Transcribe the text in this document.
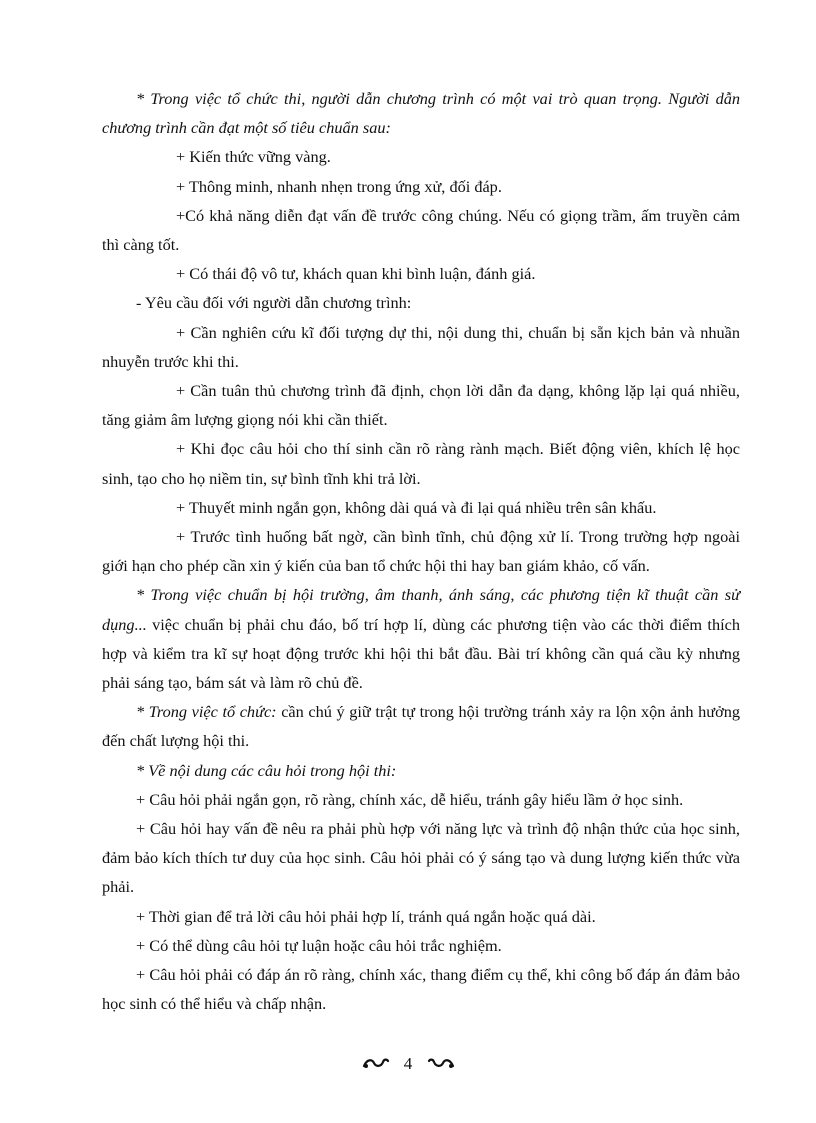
* Trong việc tổ chức thi, người dẫn chương trình có một vai trò quan trọng. Người dẫn chương trình cần đạt một số tiêu chuẩn sau:

+ Kiến thức vững vàng.

+ Thông minh, nhanh nhẹn trong ứng xử, đối đáp.

+Có khả năng diễn đạt vấn đề trước công chúng. Nếu có giọng trầm, ấm truyền cảm thì càng tốt.

+ Có thái độ vô tư, khách quan khi bình luận, đánh giá.

- Yêu cầu đối với người dẫn chương trình:

+ Cần nghiên cứu kĩ đối tượng dự thi, nội dung thi, chuẩn bị sẵn kịch bản và nhuần nhuyễn trước khi thi.

+ Cần tuân thủ chương trình đã định, chọn lời dẫn đa dạng, không lặp lại quá nhiều, tăng giảm âm lượng giọng nói khi cần thiết.

+ Khi đọc câu hỏi cho thí sinh cần rõ ràng rành mạch. Biết động viên, khích lệ học sinh, tạo cho họ niềm tin, sự bình tĩnh khi trả lời.

+ Thuyết minh ngắn gọn, không dài quá và đi lại quá nhiều trên sân khấu.

+ Trước tình huống bất ngờ, cần bình tĩnh, chủ động xử lí. Trong trường hợp ngoài giới hạn cho phép cần xin ý kiến của ban tổ chức hội thi hay ban giám khảo, cố vấn.

* Trong việc chuẩn bị hội trường, âm thanh, ánh sáng, các phương tiện kĩ thuật cần sử dụng... việc chuẩn bị phải chu đáo, bố trí hợp lí, dùng các phương tiện vào các thời điểm thích hợp và kiểm tra kĩ sự hoạt động trước khi hội thi bắt đầu. Bài trí không cần quá cầu kỳ nhưng phải sáng tạo, bám sát và làm rõ chủ đề.

* Trong việc tổ chức: cần chú ý giữ trật tự trong hội trường tránh xảy ra lộn xộn ảnh hưởng đến chất lượng hội thi.

* Về nội dung các câu hỏi trong hội thi:

+ Câu hỏi phải ngắn gọn, rõ ràng, chính xác, dễ hiểu, tránh gây hiểu lầm ở học sinh.

+ Câu hỏi hay vấn đề nêu ra phải phù hợp với năng lực và trình độ nhận thức của học sinh, đảm bảo kích thích tư duy của học sinh. Câu hỏi phải có ý sáng tạo và dung lượng kiến thức vừa phải.

+ Thời gian để trả lời câu hỏi phải hợp lí, tránh quá ngắn hoặc quá dài.

+ Có thể dùng câu hỏi tự luận hoặc câu hỏi trắc nghiệm.

+ Câu hỏi phải có đáp án rõ ràng, chính xác, thang điểm cụ thể, khi công bố đáp án đảm bảo học sinh có thể hiểu và chấp nhận.

4
